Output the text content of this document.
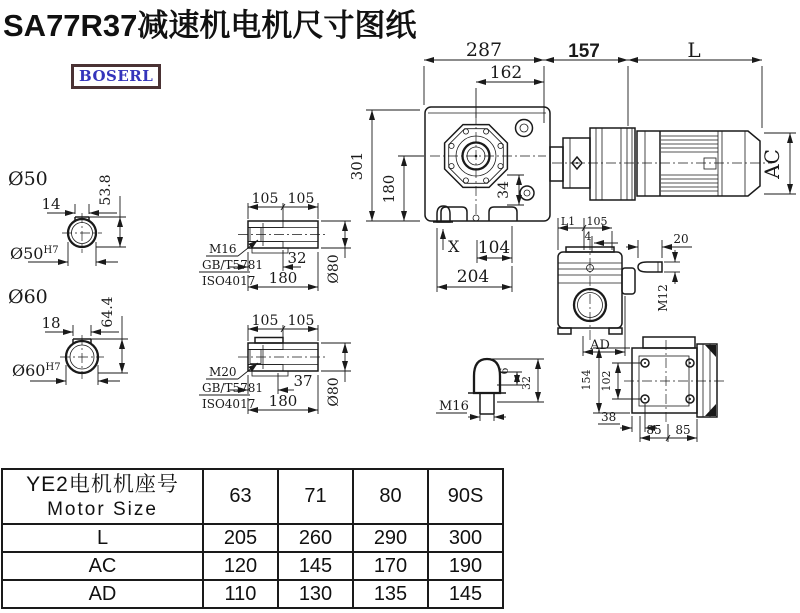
SA77R37减速机电机尺寸图纸
BOSERL
287
162
157	L
AC
301
180	34
X 104
204
Ø50
14	53.8
$Ø50^{H7}$
Ø60
18	64.4
$Ø60^{H7}$
105 105
32
180 Ø80
M16
GB/T5781
ISO4017
105 105
37
180 Ø80
M20
GB/T5781
ISO4017
L1 105
4
AD
20
M12
M16
6
32	154 102
38
85 85
YE2电机机座号
Motor Size	63	71	80	90S
L	205	260	290	300
AC	120	145	170	190
AD	110	130	135	145
